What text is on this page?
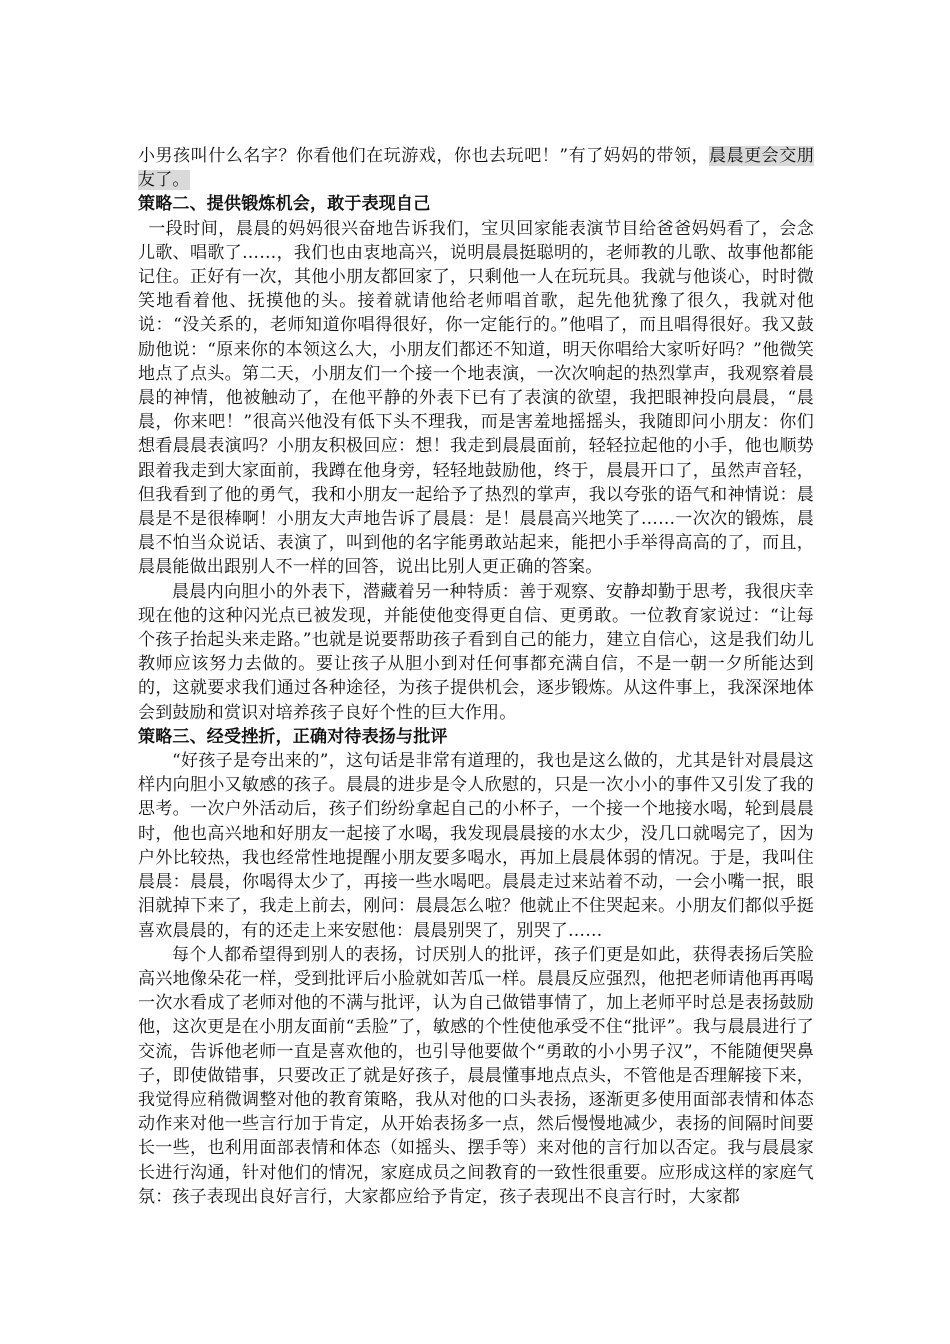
小男孩叫什么名字？你看他们在玩游戏，你也去玩吧！”有了妈妈的带领，晨晨更会交朋友了。

策略二、提供锻炼机会，敢于表现自己

一段时间，晨晨的妈妈很兴奋地告诉我们，宝贝回家能表演节目给爸爸妈妈看了，会念儿歌、唱歌了……，我们也由衷地高兴，说明晨晨挺聪明的，老师教的儿歌、故事他都能记住。正好有一次，其他小朋友都回家了，只剩他一人在玩玩具。我就与他谈心，时时微笑地看着他、抚摸他的头。接着就请他给老师唱首歌，起先他犹豫了很久，我就对他说：“没关系的，老师知道你唱得很好，你一定能行的。”他唱了，而且唱得很好。我又鼓励他说：“原来你的本领这么大，小朋友们都还不知道，明天你唱给大家听好吗？”他微笑地点了点头。第二天，小朋友们一个接一个地表演，一次次响起的热烈掌声，我观察着晨晨的神情，他被触动了，在他平静的外表下已有了表演的欲望，我把眼神投向晨晨，“晨晨，你来吧！”很高兴他没有低下头不理我，而是害羞地摇摇头，我随即问小朋友：你们想看晨晨表演吗？小朋友积极回应：想！我走到晨晨面前，轻轻拉起他的小手，他也顺势跟着我走到大家面前，我蹲在他身旁，轻轻地鼓励他，终于，晨晨开口了，虽然声音轻，但我看到了他的勇气，我和小朋友一起给予了热烈的掌声，我以夸张的语气和神情说：晨晨是不是很棒啊！小朋友大声地告诉了晨晨：是！晨晨高兴地笑了……一次次的锻炼，晨晨不怕当众说话、表演了，叫到他的名字能勇敢站起来，能把小手举得高高的了，而且，晨晨能做出跟别人不一样的回答，说出比别人更正确的答案。

晨晨内向胆小的外表下，潜藏着另一种特质：善于观察、安静却勤于思考，我很庆幸现在他的这种闪光点已被发现，并能使他变得更自信、更勇敢。一位教育家说过：“让每个孩子抬起头来走路。”也就是说要帮助孩子看到自己的能力，建立自信心，这是我们幼儿教师应该努力去做的。要让孩子从胆小到对任何事都充满自信，不是一朝一夕所能达到的，这就要求我们通过各种途径，为孩子提供机会，逐步锻炼。从这件事上，我深深地体会到鼓励和赏识对培养孩子良好个性的巨大作用。

策略三、经受挫折，正确对待表扬与批评

“好孩子是夸出来的”，这句话是非常有道理的，我也是这么做的，尤其是针对晨晨这样内向胆小又敏感的孩子。晨晨的进步是令人欣慰的，只是一次小小的事件又引发了我的思考。一次户外活动后，孩子们纷纷拿起自己的小杯子，一个接一个地接水喝，轮到晨晨时，他也高兴地和好朋友一起接了水喝，我发现晨晨接的水太少，没几口就喝完了，因为户外比较热，我也经常性地提醒小朋友要多喝水，再加上晨晨体弱的情况。于是，我叫住晨晨：晨晨，你喝得太少了，再接一些水喝吧。晨晨走过来站着不动，一会小嘴一抿，眼泪就掉下来了，我走上前去，刚问：晨晨怎么啦？他就止不住哭起来。小朋友们都似乎挺喜欢晨晨的，有的还走上来安慰他：晨晨别哭了，别哭了……

每个人都希望得到别人的表扬，讨厌别人的批评，孩子们更是如此，获得表扬后笑脸高兴地像朵花一样，受到批评后小脸就如苦瓜一样。晨晨反应强烈，他把老师请他再再喝一次水看成了老师对他的不满与批评，认为自己做错事情了，加上老师平时总是表扬鼓励他，这次更是在小朋友面前“丢脸”了，敏感的个性使他承受不住“批评”。我与晨晨进行了交流，告诉他老师一直是喜欢他的，也引导他要做个“勇敢的小小男子汉”，不能随便哭鼻子，即使做错事，只要改正了就是好孩子，晨晨懂事地点点头，不管他是否理解接下来，我觉得应稍微调整对他的教育策略，我从对他的口头表扬，逐渐更多使用面部表情和体态动作来对他一些言行加于肯定，从开始表扬多一点，然后慢慢地减少，表扬的间隔时间要长一些，也利用面部表情和体态（如摇头、摆手等）来对他的言行加以否定。我与晨晨家长进行沟通，针对他们的情况，家庭成员之间教育的一致性很重要。应形成这样的家庭气氛：孩子表现出良好言行，大家都应给予肯定，孩子表现出不良言行时，大家都
